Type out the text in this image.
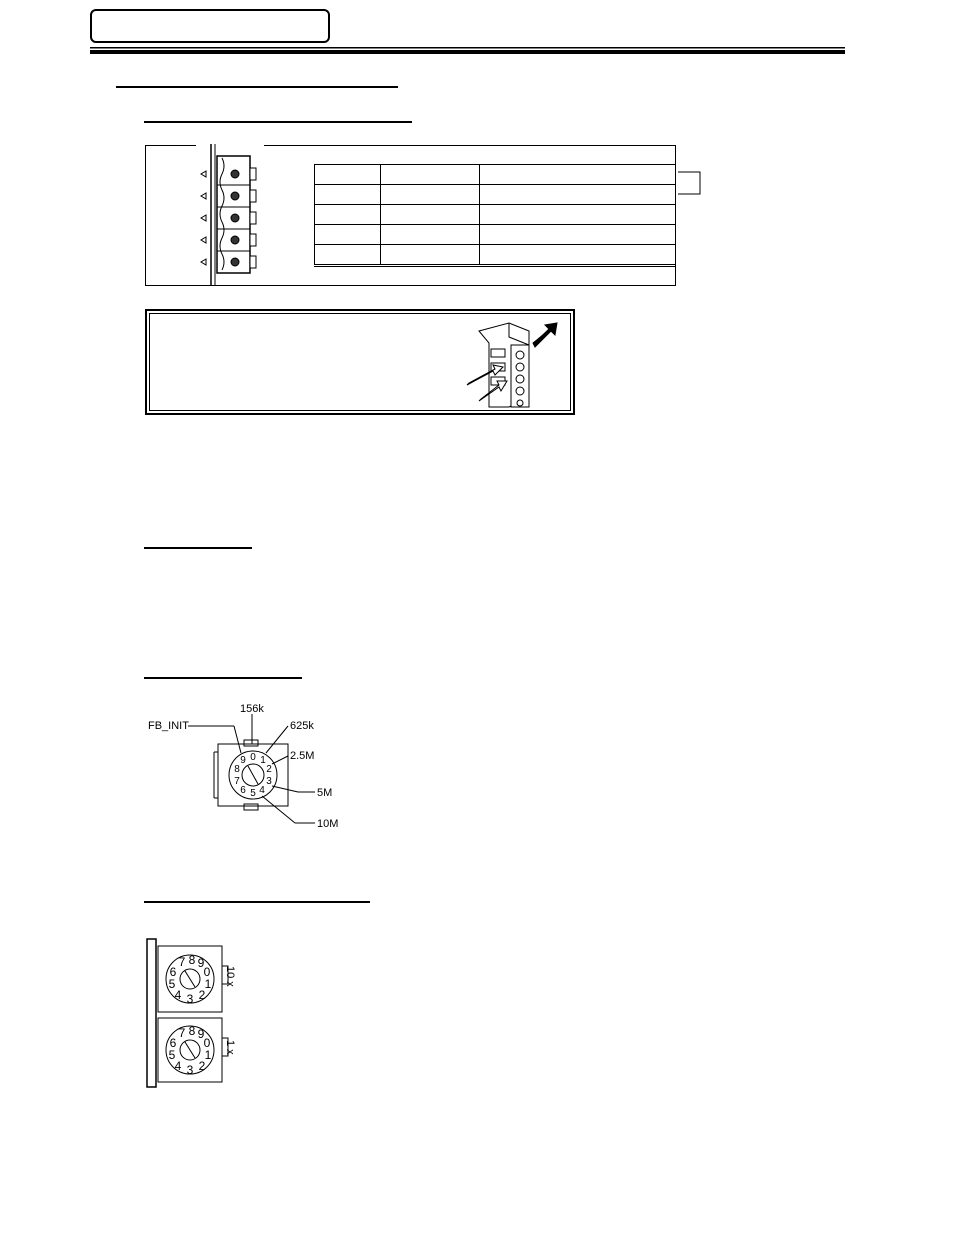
156k
625k
FB_INIT
2.5M
5M
10M
0 1
2
3
4
5
6
7
8
9
0
1
2
3
4
5
6
7 8 9
0
1
2
3
4
5
6
7 8 9
10 x
1 x
